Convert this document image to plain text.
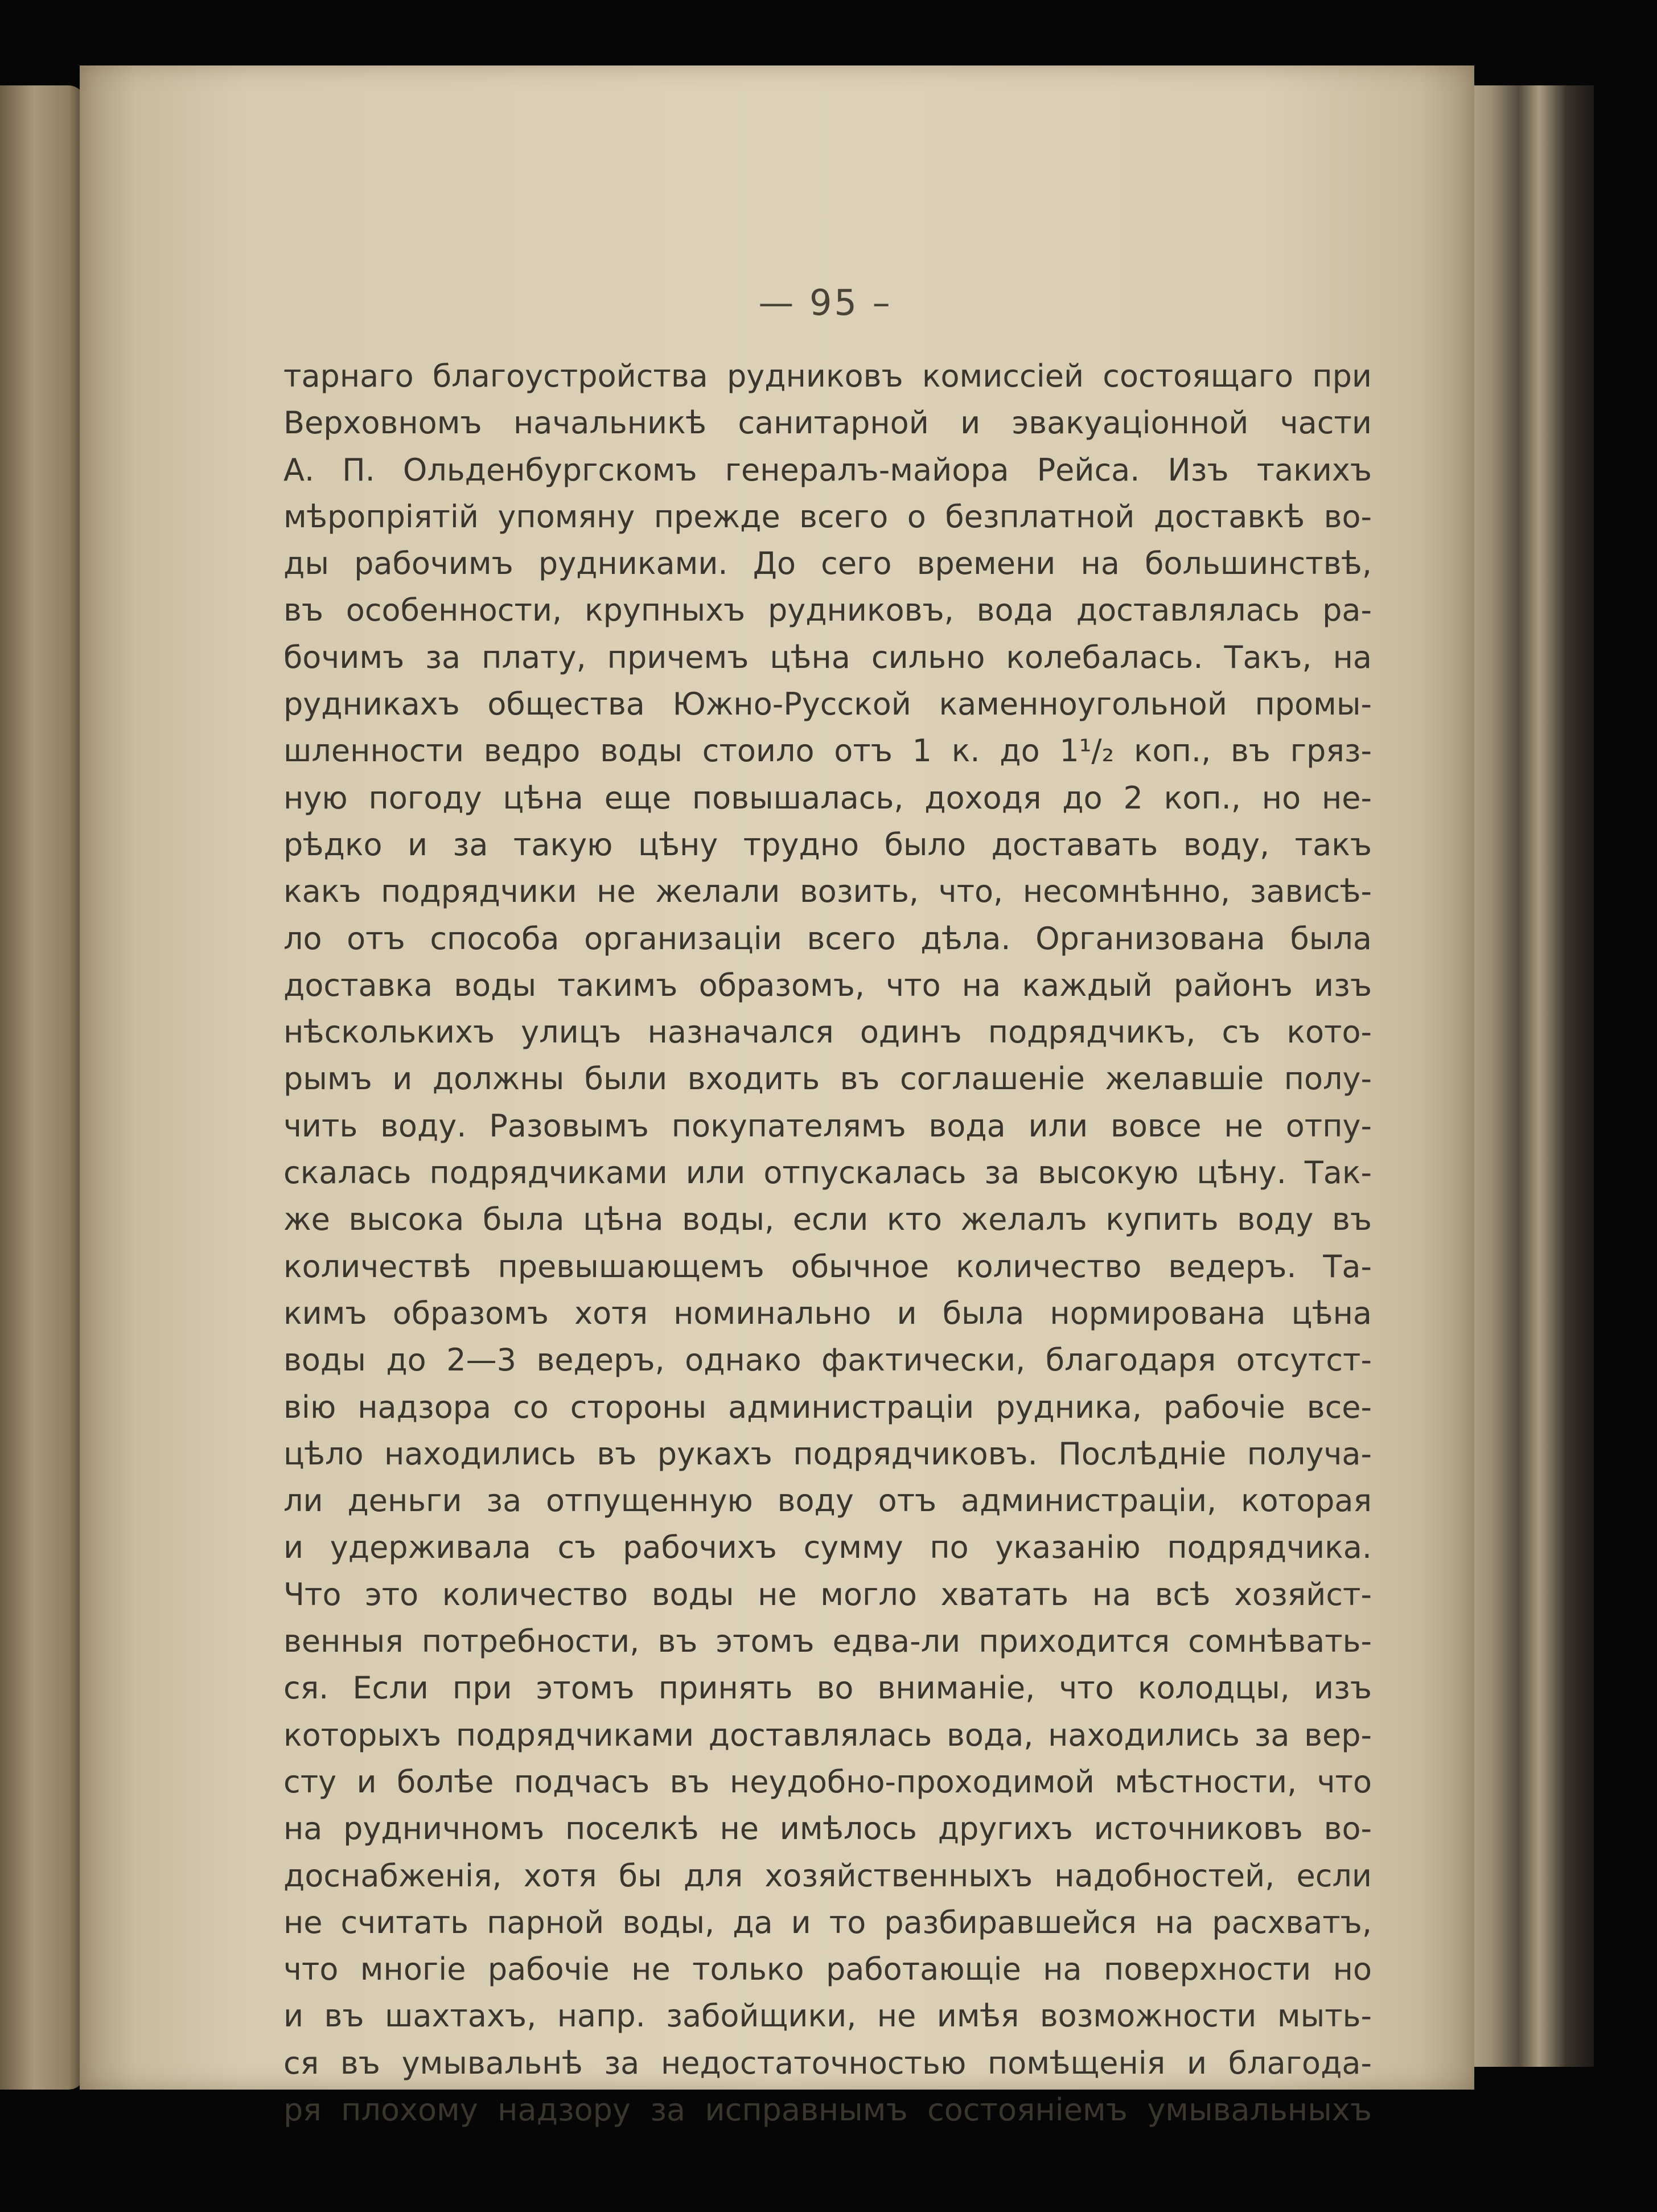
— 95 –
тарнаго благоустройства рудниковъ комиссіей состоящаго при
Верховномъ начальникѣ санитарной и эвакуаціонной части
А. П. Ольденбургскомъ генералъ-майора Рейса. Изъ такихъ
мѣропріятій упомяну прежде всего о безплатной доставкѣ во-
ды рабочимъ рудниками. До сего времени на большинствѣ,
въ особенности, крупныхъ рудниковъ, вода доставлялась ра-
бочимъ за плату, причемъ цѣна сильно колебалась. Такъ, на
рудникахъ общества Южно-Русской каменноугольной промы-
шленности ведро воды стоило отъ 1 к. до 1¹/₂ коп., въ гряз-
ную погоду цѣна еще повышалась, доходя до 2 коп., но не-
рѣдко и за такую цѣну трудно было доставать воду, такъ
какъ подрядчики не желали возить, что, несомнѣнно, зависѣ-
ло отъ способа организаціи всего дѣла. Организована была
доставка воды такимъ образомъ, что на каждый районъ изъ
нѣсколькихъ улицъ назначался одинъ подрядчикъ, съ кото-
рымъ и должны были входить въ соглашеніе желавшіе полу-
чить воду. Разовымъ покупателямъ вода или вовсе не отпу-
скалась подрядчиками или отпускалась за высокую цѣну. Так-
же высока была цѣна воды, если кто желалъ купить воду въ
количествѣ превышающемъ обычное количество ведеръ. Та-
кимъ образомъ хотя номинально и была нормирована цѣна
воды до 2—3 ведеръ, однако фактически, благодаря отсутст-
вію надзора со стороны администраціи рудника, рабочіе все-
цѣло находились въ рукахъ подрядчиковъ. Послѣдніе получа-
ли деньги за отпущенную воду отъ администраціи, которая
и удерживала съ рабочихъ сумму по указанію подрядчика.
Что это количество воды не могло хватать на всѣ хозяйст-
венныя потребности, въ этомъ едва-ли приходится сомнѣвать-
ся. Если при этомъ принять во вниманіе, что колодцы, изъ
которыхъ подрядчиками доставлялась вода, находились за вер-
сту и болѣе подчасъ въ неудобно-проходимой мѣстности, что
на рудничномъ поселкѣ не имѣлось другихъ источниковъ во-
доснабженія, хотя бы для хозяйственныхъ надобностей, если
не считать парной воды, да и то разбиравшейся на расхватъ,
что многіе рабочіе не только работающіе на поверхности но
и въ шахтахъ, напр. забойщики, не имѣя возможности мыть-
ся въ умывальнѣ за недостаточностью помѣщенія и благода-
ря плохому надзору за исправнымъ состояніемъ умывальныхъ
